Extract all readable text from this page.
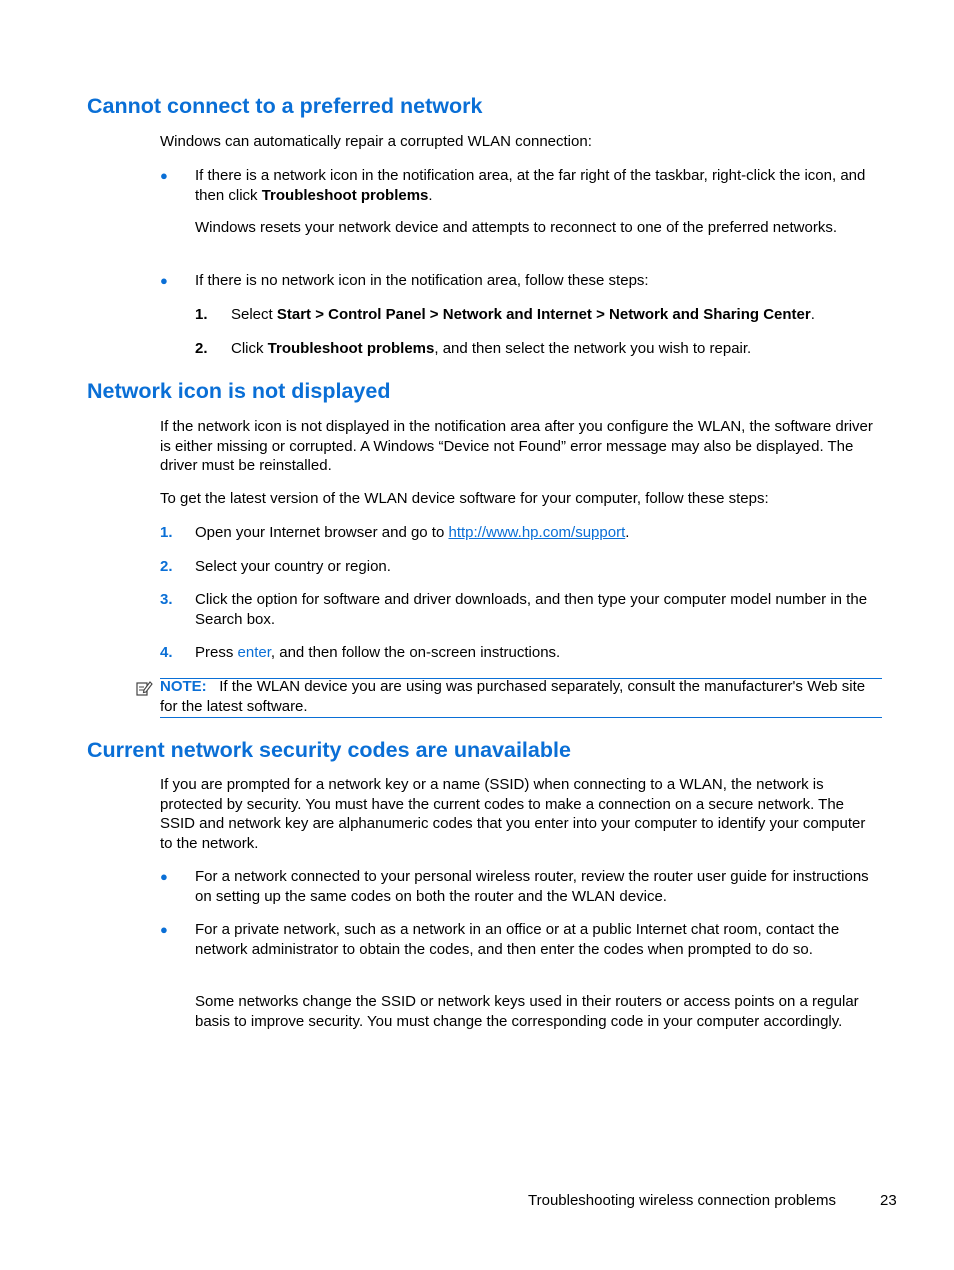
Cannot connect to a preferred network
Windows can automatically repair a corrupted WLAN connection:
● If there is a network icon in the notification area, at the far right of the taskbar, right-click the icon, and then click Troubleshoot problems.
Windows resets your network device and attempts to reconnect to one of the preferred networks.
● If there is no network icon in the notification area, follow these steps:
1. Select Start > Control Panel > Network and Internet > Network and Sharing Center.
2. Click Troubleshoot problems, and then select the network you wish to repair.
Network icon is not displayed
If the network icon is not displayed in the notification area after you configure the WLAN, the software driver is either missing or corrupted. A Windows “Device not Found” error message may also be displayed. The driver must be reinstalled.
To get the latest version of the WLAN device software for your computer, follow these steps:
1. Open your Internet browser and go to http://www.hp.com/support.
2. Select your country or region.
3. Click the option for software and driver downloads, and then type your computer model number in the Search box.
4. Press enter, and then follow the on-screen instructions.
NOTE: If the WLAN device you are using was purchased separately, consult the manufacturer's Web site for the latest software.
Current network security codes are unavailable
If you are prompted for a network key or a name (SSID) when connecting to a WLAN, the network is protected by security. You must have the current codes to make a connection on a secure network. The SSID and network key are alphanumeric codes that you enter into your computer to identify your computer to the network.
● For a network connected to your personal wireless router, review the router user guide for instructions on setting up the same codes on both the router and the WLAN device.
● For a private network, such as a network in an office or at a public Internet chat room, contact the network administrator to obtain the codes, and then enter the codes when prompted to do so.
Some networks change the SSID or network keys used in their routers or access points on a regular basis to improve security. You must change the corresponding code in your computer accordingly.
Troubleshooting wireless connection problems	23
